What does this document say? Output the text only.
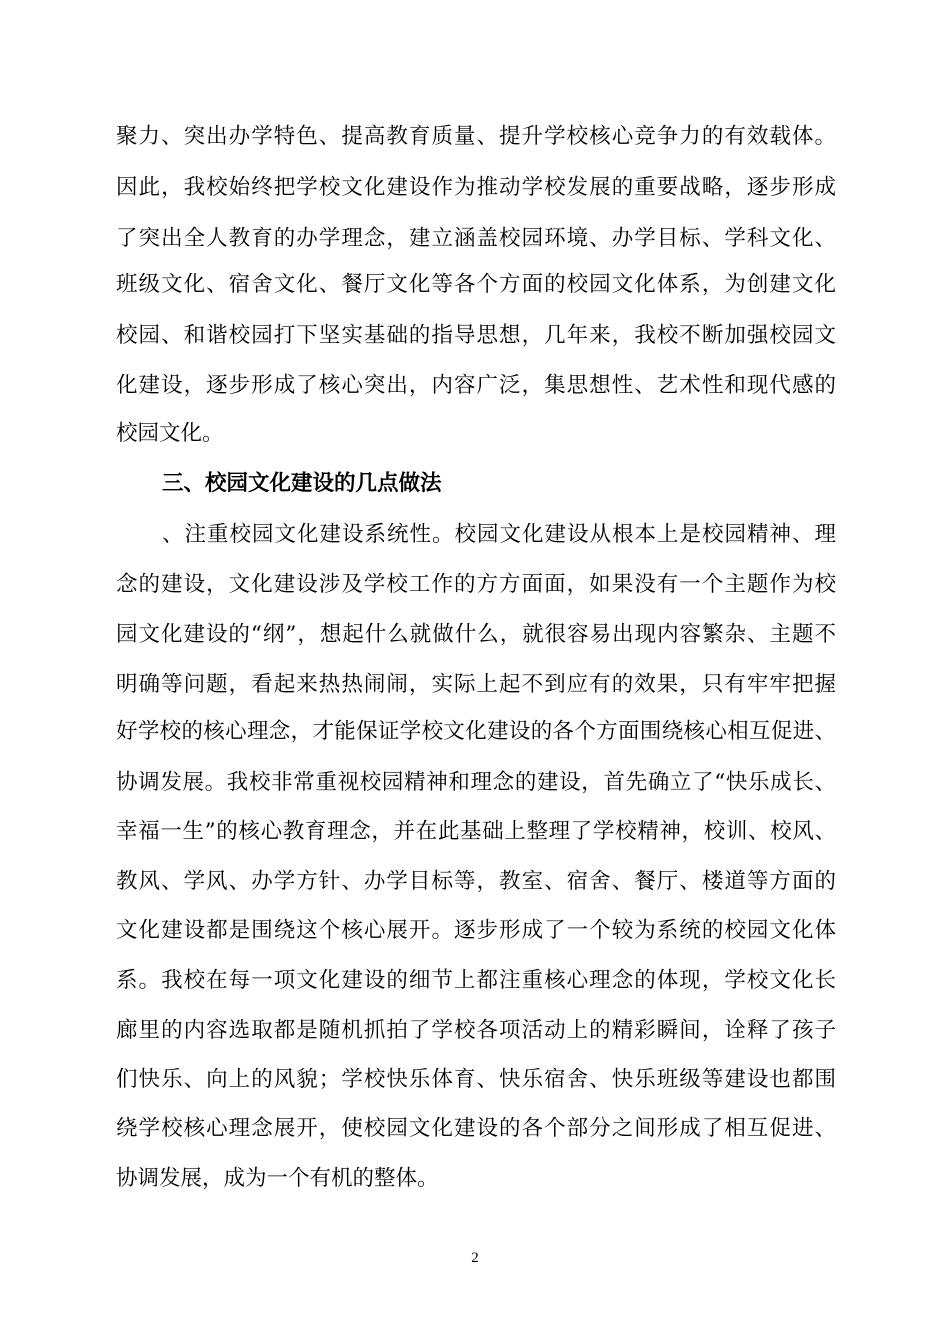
聚力、突出办学特色、提高教育质量、提升学校核心竞争力的有效载体。
因此，我校始终把学校文化建设作为推动学校发展的重要战略，逐步形成
了突出全人教育的办学理念，建立涵盖校园环境、办学目标、学科文化、
班级文化、宿舍文化、餐厅文化等各个方面的校园文化体系，为创建文化
校园、和谐校园打下坚实基础的指导思想，几年来，我校不断加强校园文
化建设，逐步形成了核心突出，内容广泛，集思想性、艺术性和现代感的
校园文化。
三、校园文化建设的几点做法
、注重校园文化建设系统性。校园文化建设从根本上是校园精神、理
念的建设，文化建设涉及学校工作的方方面面，如果没有一个主题作为校
园文化建设的“纲”，想起什么就做什么，就很容易出现内容繁杂、主题不
明确等问题，看起来热热闹闹，实际上起不到应有的效果，只有牢牢把握
好学校的核心理念，才能保证学校文化建设的各个方面围绕核心相互促进、
协调发展。我校非常重视校园精神和理念的建设，首先确立了“快乐成长、
幸福一生”的核心教育理念，并在此基础上整理了学校精神，校训、校风、
教风、学风、办学方针、办学目标等，教室、宿舍、餐厅、楼道等方面的
文化建设都是围绕这个核心展开。逐步形成了一个较为系统的校园文化体
系。我校在每一项文化建设的细节上都注重核心理念的体现，学校文化长
廊里的内容选取都是随机抓拍了学校各项活动上的精彩瞬间，诠释了孩子
们快乐、向上的风貌；学校快乐体育、快乐宿舍、快乐班级等建设也都围
绕学校核心理念展开，使校园文化建设的各个部分之间形成了相互促进、
协调发展，成为一个有机的整体。
2
